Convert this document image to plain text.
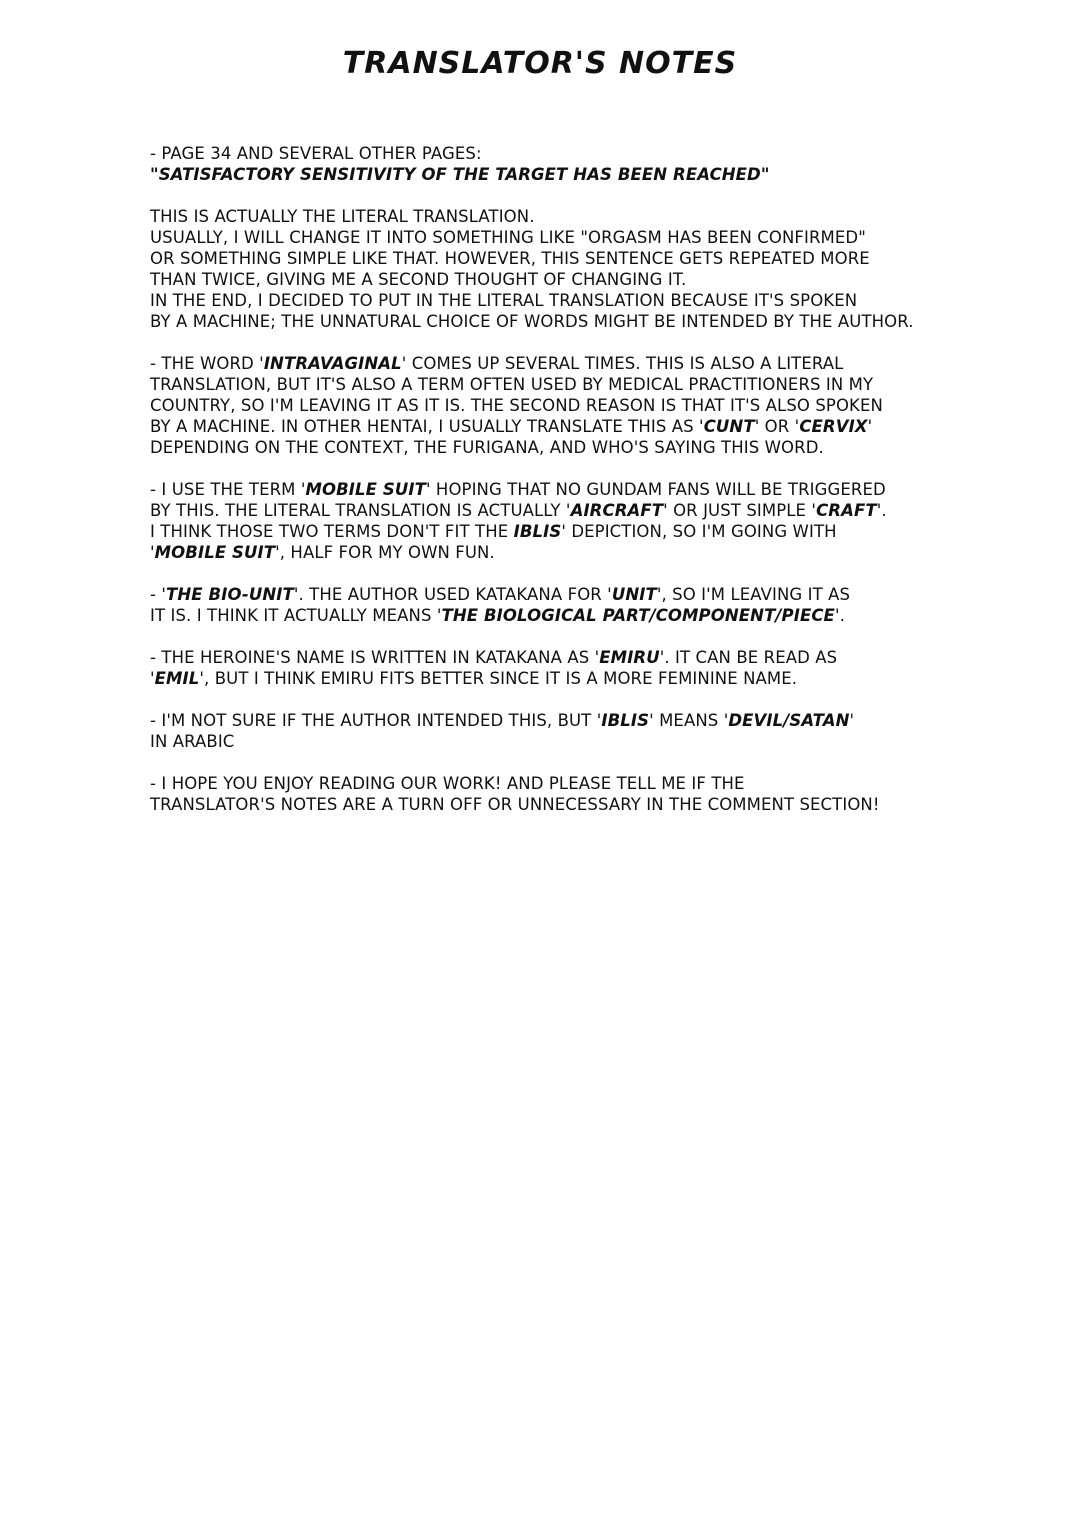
TRANSLATOR'S NOTES
- PAGE 34 AND SEVERAL OTHER PAGES:
"SATISFACTORY SENSITIVITY OF THE TARGET HAS BEEN REACHED"
THIS IS ACTUALLY THE LITERAL TRANSLATION.
USUALLY, I WILL CHANGE IT INTO SOMETHING LIKE "ORGASM HAS BEEN CONFIRMED"
OR SOMETHING SIMPLE LIKE THAT. HOWEVER, THIS SENTENCE GETS REPEATED MORE
THAN TWICE, GIVING ME A SECOND THOUGHT OF CHANGING IT.
IN THE END, I DECIDED TO PUT IN THE LITERAL TRANSLATION BECAUSE IT'S SPOKEN
BY A MACHINE; THE UNNATURAL CHOICE OF WORDS MIGHT BE INTENDED BY THE AUTHOR.
- THE WORD 'INTRAVAGINAL' COMES UP SEVERAL TIMES. THIS IS ALSO A LITERAL
TRANSLATION, BUT IT'S ALSO A TERM OFTEN USED BY MEDICAL PRACTITIONERS IN MY
COUNTRY, SO I'M LEAVING IT AS IT IS. THE SECOND REASON IS THAT IT'S ALSO SPOKEN
BY A MACHINE. IN OTHER HENTAI, I USUALLY TRANSLATE THIS AS 'CUNT' OR 'CERVIX'
DEPENDING ON THE CONTEXT, THE FURIGANA, AND WHO'S SAYING THIS WORD.
- I USE THE TERM 'MOBILE SUIT' HOPING THAT NO GUNDAM FANS WILL BE TRIGGERED
BY THIS. THE LITERAL TRANSLATION IS ACTUALLY 'AIRCRAFT' OR JUST SIMPLE 'CRAFT'.
I THINK THOSE TWO TERMS DON'T FIT THE IBLIS' DEPICTION, SO I'M GOING WITH
'MOBILE SUIT', HALF FOR MY OWN FUN.
- 'THE BIO-UNIT'. THE AUTHOR USED KATAKANA FOR 'UNIT', SO I'M LEAVING IT AS
IT IS. I THINK IT ACTUALLY MEANS 'THE BIOLOGICAL PART/COMPONENT/PIECE'.
- THE HEROINE'S NAME IS WRITTEN IN KATAKANA AS 'EMIRU'. IT CAN BE READ AS
'EMIL', BUT I THINK EMIRU FITS BETTER SINCE IT IS A MORE FEMININE NAME.
- I'M NOT SURE IF THE AUTHOR INTENDED THIS, BUT 'IBLIS' MEANS 'DEVIL/SATAN'
IN ARABIC
- I HOPE YOU ENJOY READING OUR WORK! AND PLEASE TELL ME IF THE
TRANSLATOR'S NOTES ARE A TURN OFF OR UNNECESSARY IN THE COMMENT SECTION!
